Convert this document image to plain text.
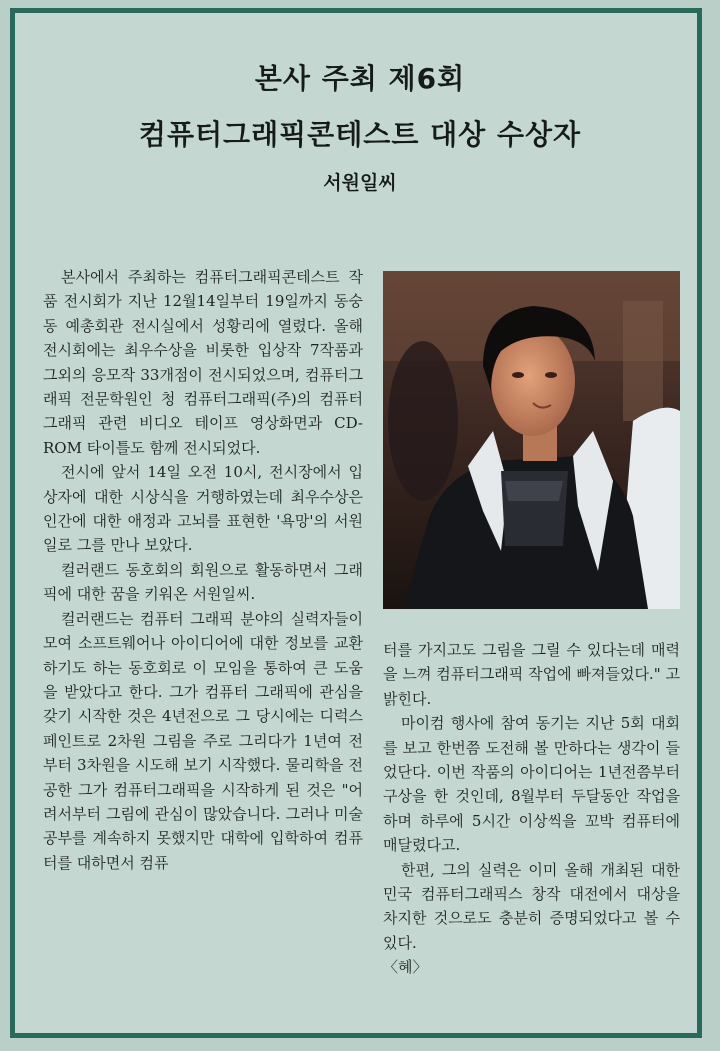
본사 주최 제6회
컴퓨터그래픽콘테스트 대상 수상자
서원일씨

본사에서 주최하는 컴퓨터그래픽콘테스트 작품 전시회가 지난 12월14일부터 19일까지 동숭동 예총회관 전시실에서 성황리에 열렸다. 올해 전시회에는 최우수상을 비롯한 입상작 7작품과 그외의 응모작 33개점이 전시되었으며, 컴퓨터그래픽 전문학원인 청 컴퓨터그래픽(주)의 컴퓨터그래픽 관련 비디오 테이프 영상화면과 CD-ROM 타이틀도 함께 전시되었다.

전시에 앞서 14일 오전 10시, 전시장에서 입상자에 대한 시상식을 거행하였는데 최우수상은 인간에 대한 애정과 고뇌를 표현한 '욕망'의 서원일로 그를 만나 보았다.

컬러랜드 동호회의 회원으로 활동하면서 그래픽에 대한 꿈을 키워온 서원일씨.

컬러랜드는 컴퓨터 그래픽 분야의 실력자들이 모여 소프트웨어나 아이디어에 대한 정보를 교환하기도 하는 동호회로 이 모임을 통하여 큰 도움을 받았다고 한다. 그가 컴퓨터 그래픽에 관심을 갖기 시작한 것은 4년전으로 그 당시에는 디럭스페인트로 2차원 그림을 주로 그리다가 1년여 전부터 3차원을 시도해 보기 시작했다. 물리학을 전공한 그가 컴퓨터그래픽을 시작하게 된 것은 "어려서부터 그림에 관심이 많았습니다. 그러나 미술공부를 계속하지 못했지만 대학에 입학하여 컴퓨터를 대하면서 컴퓨

터를 가지고도 그림을 그릴 수 있다는데 매력을 느껴 컴퓨터그래픽 작업에 빠져들었다." 고 밝힌다.

마이컴 행사에 참여 동기는 지난 5회 대회를 보고 한번쯤 도전해 볼 만하다는 생각이 들었단다. 이번 작품의 아이디어는 1년전쯤부터 구상을 한 것인데, 8월부터 두달동안 작업을 하며 하루에 5시간 이상씩을 꼬박 컴퓨터에 매달렸다고.

한편, 그의 실력은 이미 올해 개최된 대한민국 컴퓨터그래픽스 창작 대전에서 대상을 차지한 것으로도 충분히 증명되었다고 볼 수 있다.

〈혜〉
